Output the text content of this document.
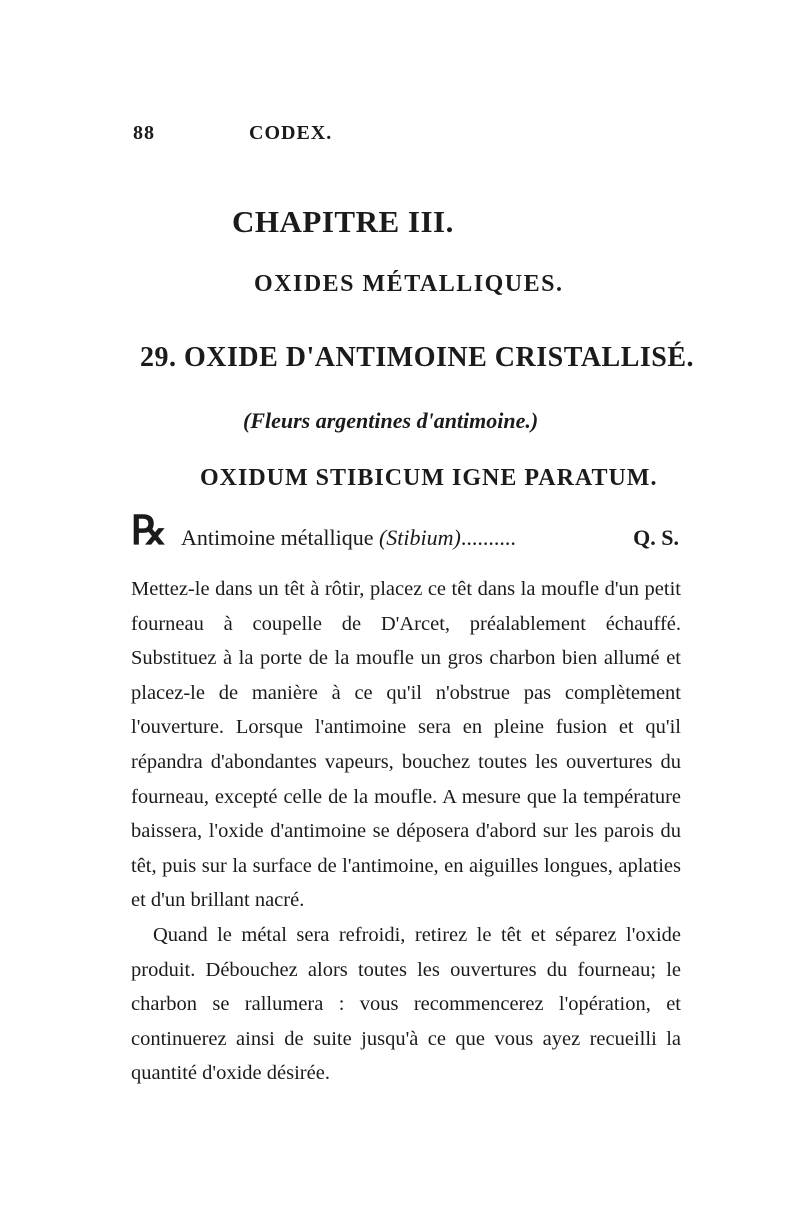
88	CODEX.
CHAPITRE III.
OXIDES MÉTALLIQUES.
29. OXIDE D'ANTIMOINE CRISTALLISÉ.
(Fleurs argentines d'antimoine.)
OXIDUM STIBICUM IGNE PARATUM.
℞ Antimoine métallique (Stibium)..........	Q. S.

Mettez-le dans un têt à rôtir, placez ce têt dans la moufle d'un petit fourneau à coupelle de D'Arcet, préalablement échauffé. Substituez à la porte de la moufle un gros charbon bien allumé et placez-le de manière à ce qu'il n'obstrue pas complètement l'ouverture. Lorsque l'antimoine sera en pleine fusion et qu'il répandra d'abondantes vapeurs, bouchez toutes les ouvertures du fourneau, excepté celle de la moufle. A mesure que la température baissera, l'oxide d'antimoine se déposera d'abord sur les parois du têt, puis sur la surface de l'antimoine, en aiguilles longues, aplaties et d'un brillant nacré.

Quand le métal sera refroidi, retirez le têt et séparez l'oxide produit. Débouchez alors toutes les ouvertures du fourneau; le charbon se rallumera : vous recommencerez l'opération, et continuerez ainsi de suite jusqu'à ce que vous ayez recueilli la quantité d'oxide désirée.
